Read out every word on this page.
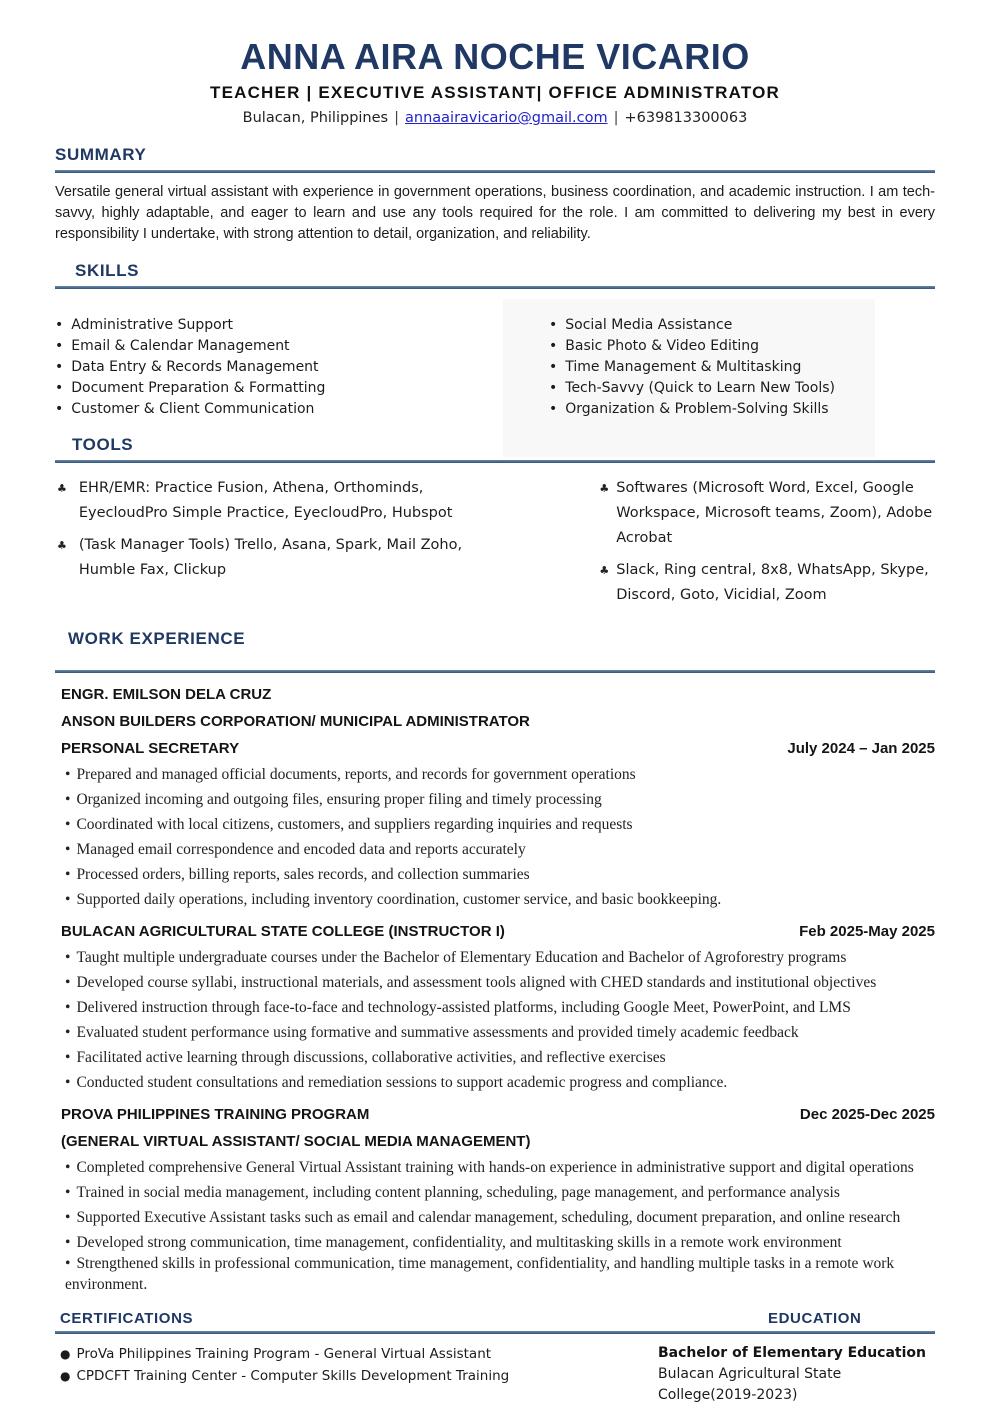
ANNA AIRA NOCHE VICARIO
TEACHER | EXECUTIVE ASSISTANT| OFFICE ADMINISTRATOR
Bulacan, Philippines | annaairavicario@gmail.com | +639813300063
SUMMARY
Versatile general virtual assistant with experience in government operations, business coordination, and academic instruction. I am tech-savvy, highly adaptable, and eager to learn and use any tools required for the role. I am committed to delivering my best in every responsibility I undertake, with strong attention to detail, organization, and reliability.
SKILLS
• Administrative Support
• Email & Calendar Management
• Data Entry & Records Management
• Document Preparation & Formatting
• Customer & Client Communication
• Social Media Assistance
• Basic Photo & Video Editing
• Time Management & Multitasking
• Tech-Savvy (Quick to Learn New Tools)
• Organization & Problem-Solving Skills
TOOLS
♣ EHR/EMR: Practice Fusion, Athena, Orthominds, EyecloudPro Simple Practice, EyecloudPro, Hubspot
♣ (Task Manager Tools) Trello, Asana, Spark, Mail Zoho, Humble Fax, Clickup
♣ Softwares (Microsoft Word, Excel, Google Workspace, Microsoft teams, Zoom), Adobe Acrobat
♣ Slack, Ring central, 8x8, WhatsApp, Skype, Discord, Goto, Vicidial, Zoom
WORK EXPERIENCE
ENGR. EMILSON DELA CRUZ
ANSON BUILDERS CORPORATION/ MUNICIPAL ADMINISTRATOR
PERSONAL SECRETARY	July 2024 – Jan 2025
• Prepared and managed official documents, reports, and records for government operations
• Organized incoming and outgoing files, ensuring proper filing and timely processing
• Coordinated with local citizens, customers, and suppliers regarding inquiries and requests
• Managed email correspondence and encoded data and reports accurately
• Processed orders, billing reports, sales records, and collection summaries
• Supported daily operations, including inventory coordination, customer service, and basic bookkeeping.
BULACAN AGRICULTURAL STATE COLLEGE (INSTRUCTOR I)	Feb 2025-May 2025
• Taught multiple undergraduate courses under the Bachelor of Elementary Education and Bachelor of Agroforestry programs
• Developed course syllabi, instructional materials, and assessment tools aligned with CHED standards and institutional objectives
• Delivered instruction through face-to-face and technology-assisted platforms, including Google Meet, PowerPoint, and LMS
• Evaluated student performance using formative and summative assessments and provided timely academic feedback
• Facilitated active learning through discussions, collaborative activities, and reflective exercises
• Conducted student consultations and remediation sessions to support academic progress and compliance.
PROVA PHILIPPINES TRAINING PROGRAM	Dec 2025-Dec 2025
(GENERAL VIRTUAL ASSISTANT/ SOCIAL MEDIA MANAGEMENT)
• Completed comprehensive General Virtual Assistant training with hands-on experience in administrative support and digital operations
• Trained in social media management, including content planning, scheduling, page management, and performance analysis
• Supported Executive Assistant tasks such as email and calendar management, scheduling, document preparation, and online research
• Developed strong communication, time management, confidentiality, and multitasking skills in a remote work environment
• Strengthened skills in professional communication, time management, confidentiality, and handling multiple tasks in a remote work environment.
CERTIFICATIONS	EDUCATION
● ProVa Philippines Training Program - General Virtual Assistant
● CPDCFT Training Center - Computer Skills Development Training
Bachelor of Elementary Education
Bulacan Agricultural State College(2019-2023)
